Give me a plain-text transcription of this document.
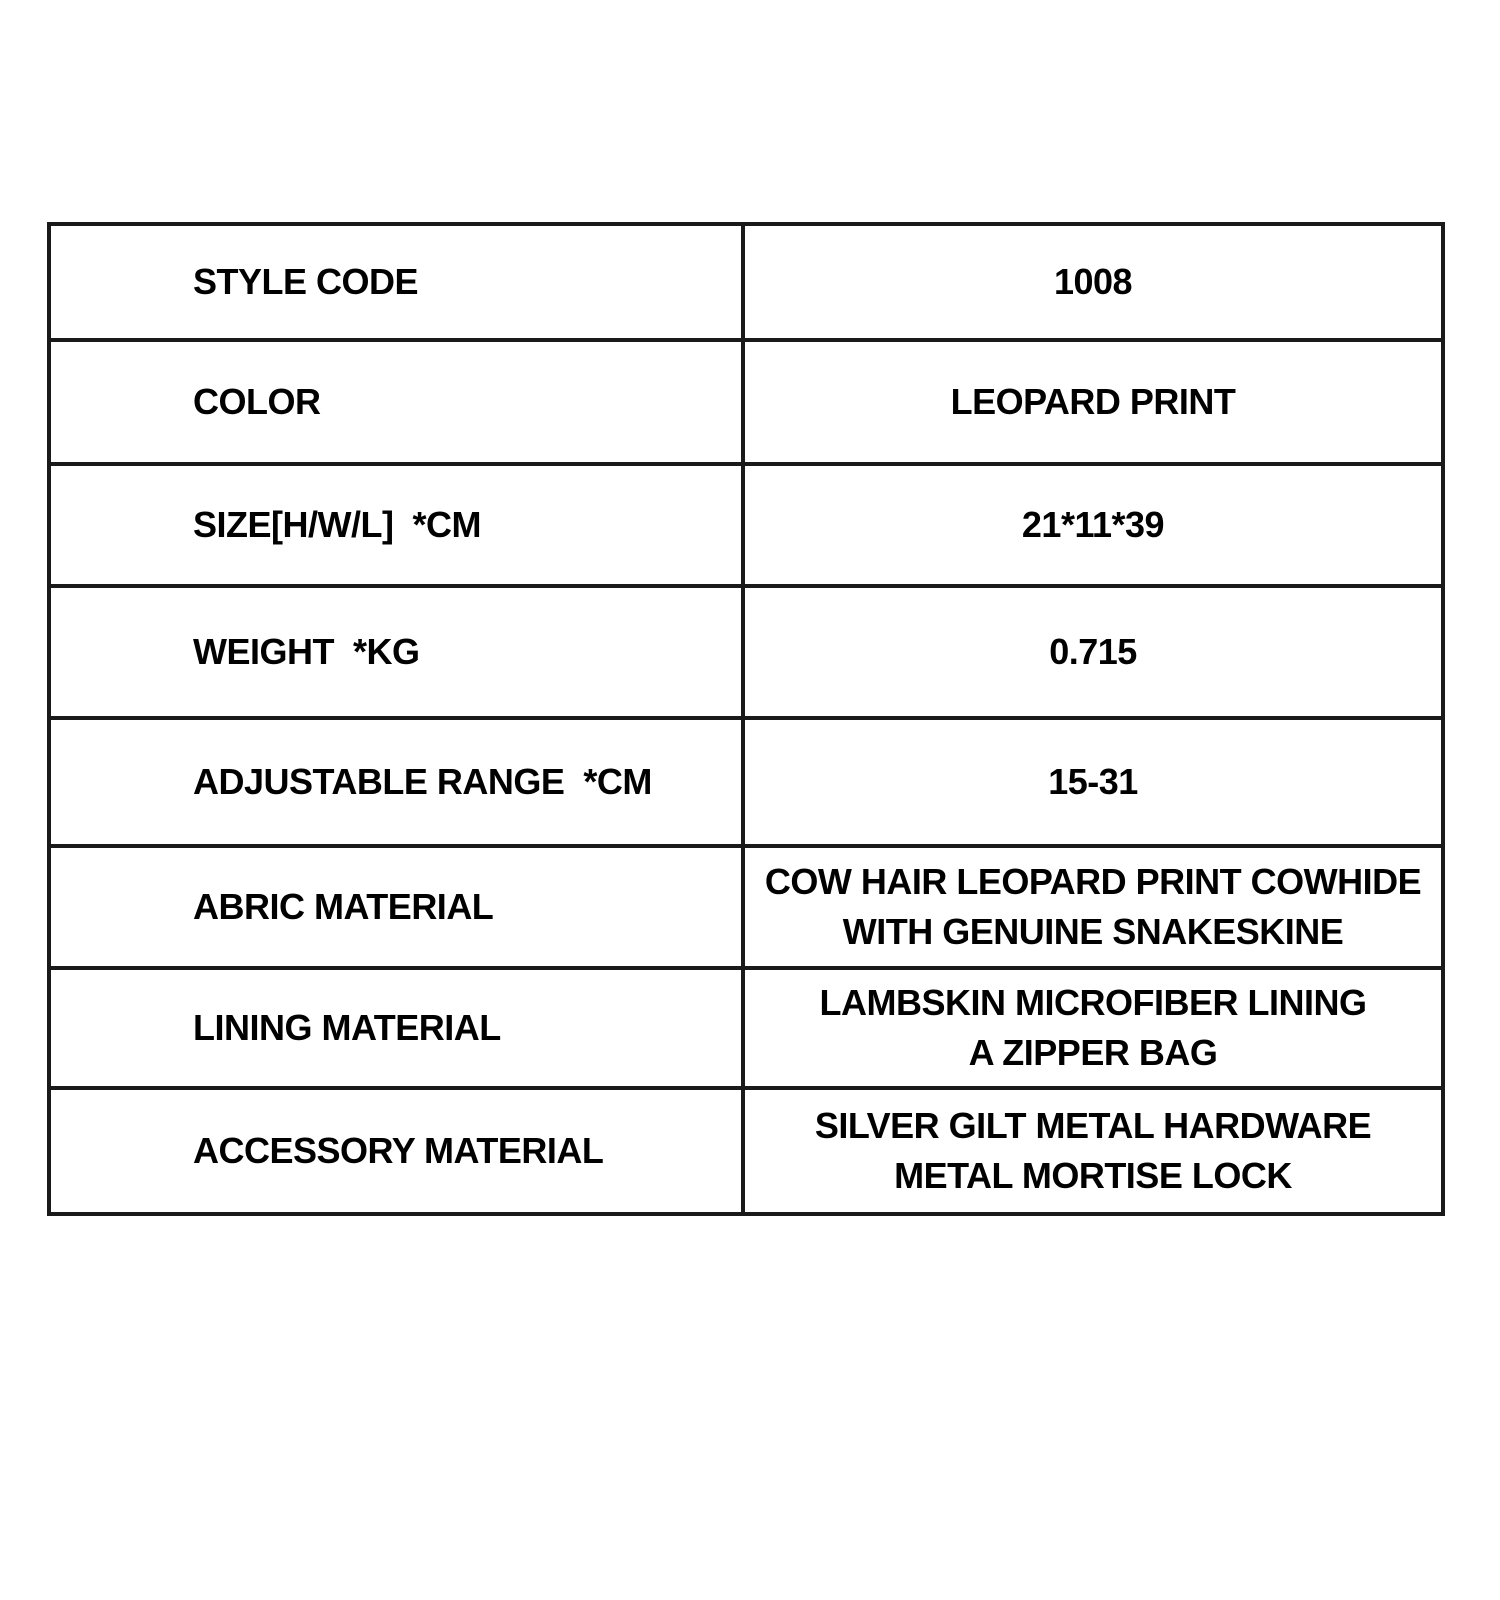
STYLE CODE	1008

COLOR	LEOPARD PRINT

SIZE[H/W/L]  *CM	21*11*39

WEIGHT  *KG	0.715

ADJUSTABLE RANGE  *CM	15-31

ABRIC MATERIAL	COW HAIR LEOPARD PRINT COWHIDE
WITH GENUINE SNAKESKINE

LINING MATERIAL	LAMBSKIN MICROFIBER LINING
A ZIPPER BAG

ACCESSORY MATERIAL	SILVER GILT METAL HARDWARE
METAL MORTISE LOCK
